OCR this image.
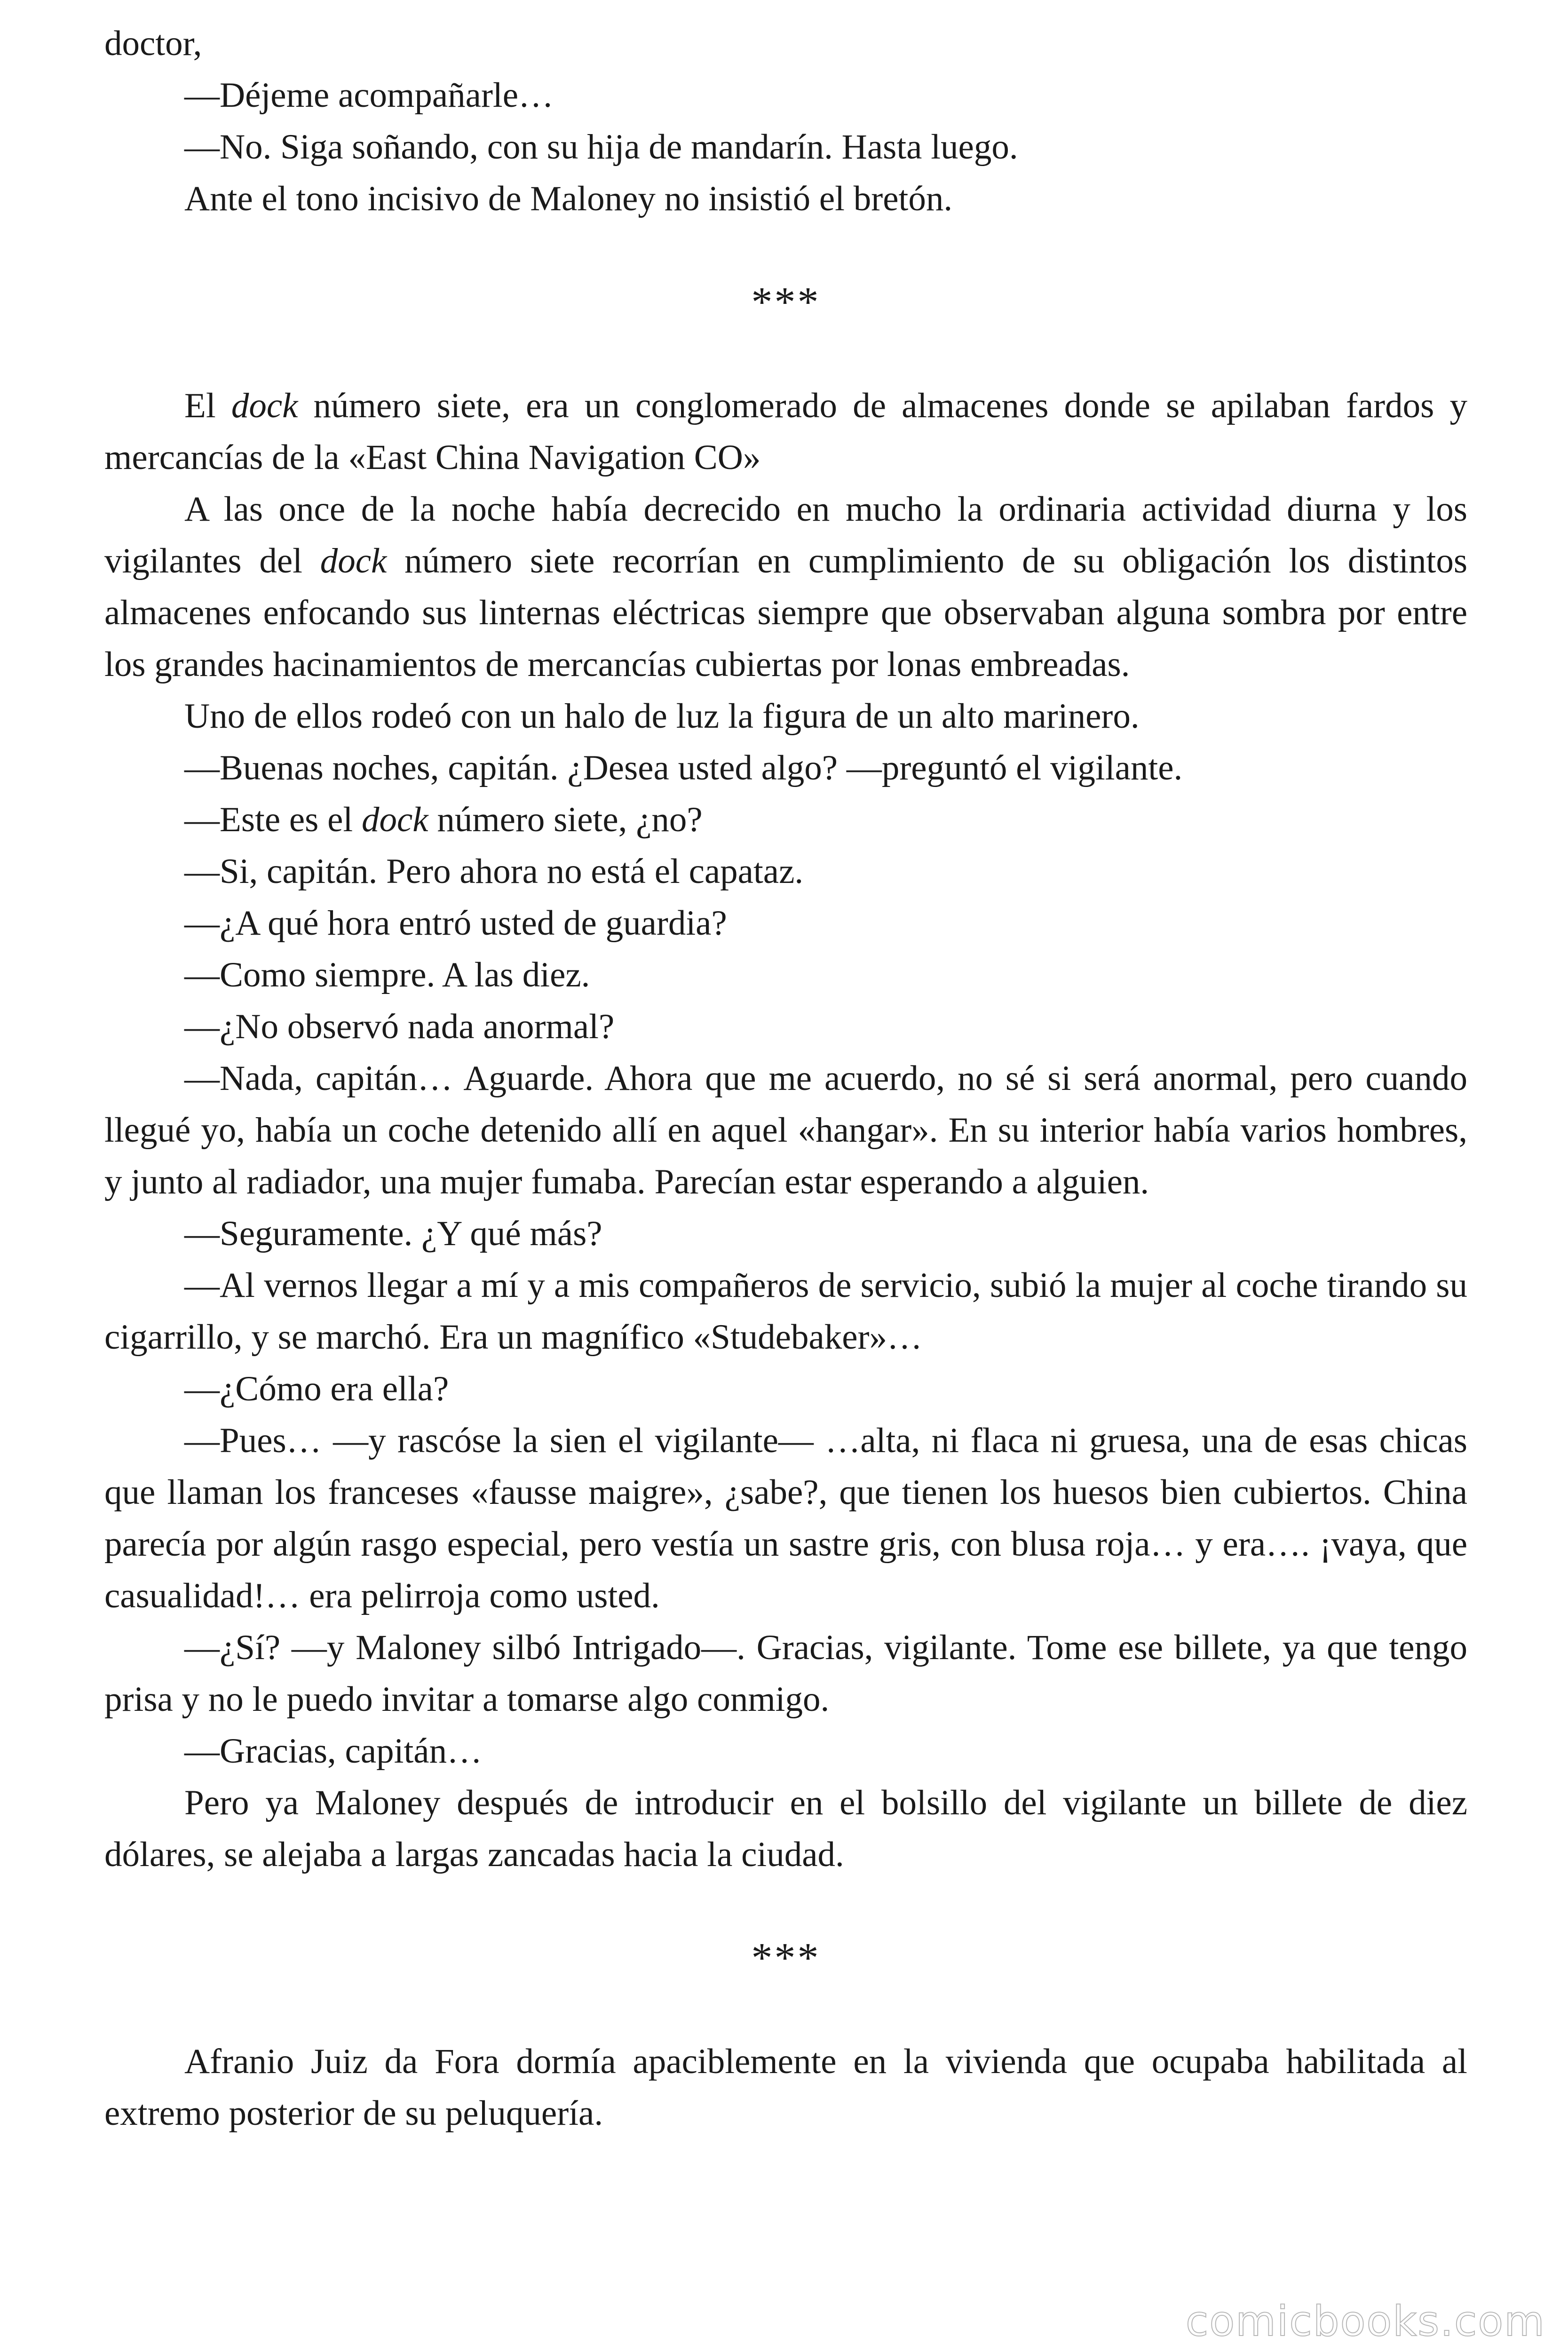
doctor,

—Déjeme acompañarle…

—No. Siga soñando, con su hija de mandarín. Hasta luego.

Ante el tono incisivo de Maloney no insistió el bretón.

***

El dock número siete, era un conglomerado de almacenes donde se apilaban fardos y mercancías de la «East China Navigation CO»

A las once de la noche había decrecido en mucho la ordinaria actividad diurna y los vigilantes del dock número siete recorrían en cumplimiento de su obligación los distintos almacenes enfocando sus linternas eléctricas siempre que observaban alguna sombra por entre los grandes hacinamientos de mercancías cubiertas por lonas embreadas.

Uno de ellos rodeó con un halo de luz la figura de un alto marinero.

—Buenas noches, capitán. ¿Desea usted algo? —preguntó el vigilante.

—Este es el dock número siete, ¿no?

—Si, capitán. Pero ahora no está el capataz.

—¿A qué hora entró usted de guardia?

—Como siempre. A las diez.

—¿No observó nada anormal?

—Nada, capitán… Aguarde. Ahora que me acuerdo, no sé si será anormal, pero cuando llegué yo, había un coche detenido allí en aquel «hangar». En su interior había varios hombres, y junto al radiador, una mujer fumaba. Parecían estar esperando a alguien.

—Seguramente. ¿Y qué más?

—Al vernos llegar a mí y a mis compañeros de servicio, subió la mujer al coche tirando su cigarrillo, y se marchó. Era un magnífico «Studebaker»…

—¿Cómo era ella?

—Pues… —y rascóse la sien el vigilante— …alta, ni flaca ni gruesa, una de esas chicas que llaman los franceses «fausse maigre», ¿sabe?, que tienen los huesos bien cubiertos. China parecía por algún rasgo especial, pero vestía un sastre gris, con blusa roja… y era…. ¡vaya, que casualidad!… era pelirroja como usted.

—¿Sí? —y Maloney silbó Intrigado—. Gracias, vigilante. Tome ese billete, ya que tengo prisa y no le puedo invitar a tomarse algo conmigo.

—Gracias, capitán…

Pero ya Maloney después de introducir en el bolsillo del vigilante un billete de diez dólares, se alejaba a largas zancadas hacia la ciudad.

***

Afranio Juiz da Fora dormía apaciblemente en la vivienda que ocupaba habilitada al extremo posterior de su peluquería.

comicbooks.com
